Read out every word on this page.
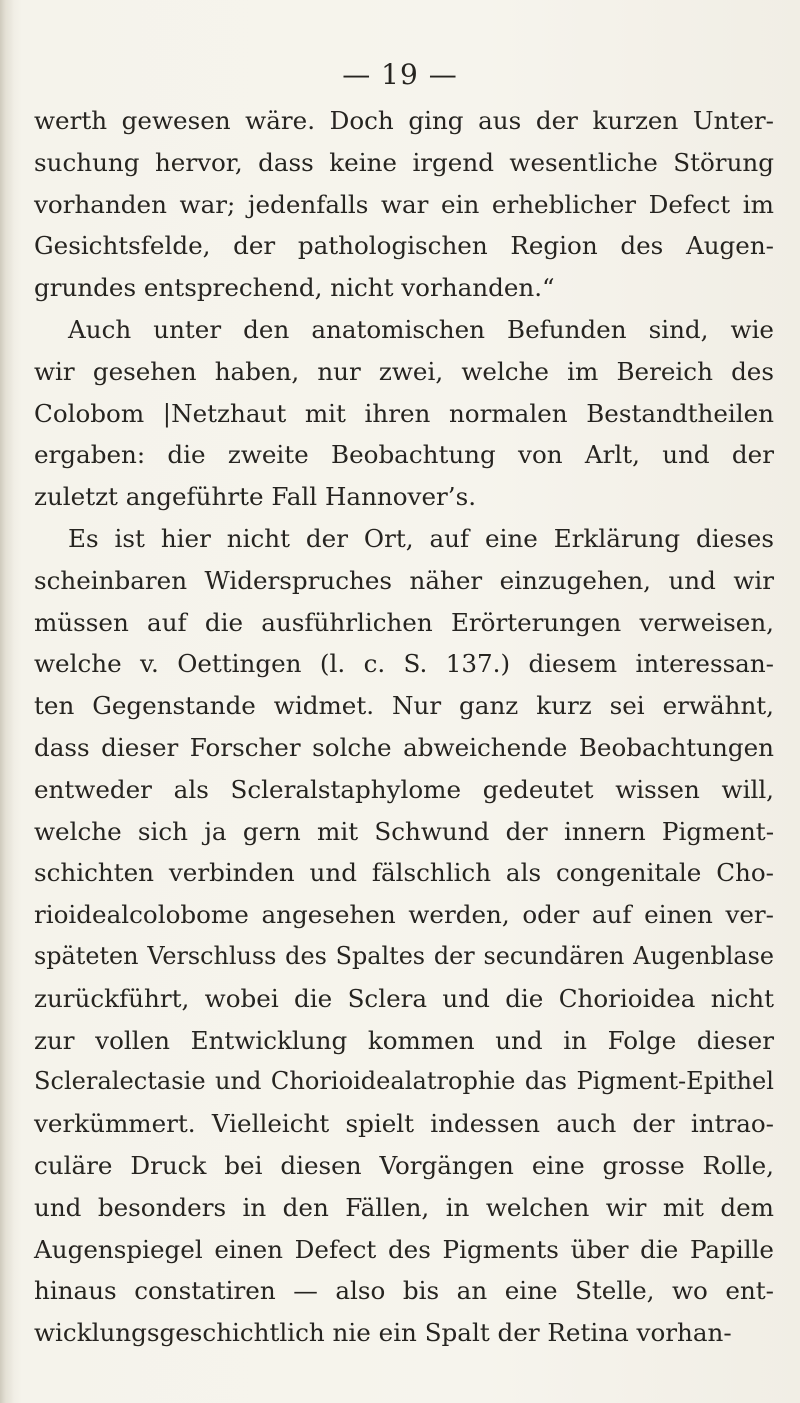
— 19 —
werth gewesen wäre. Doch ging aus der kurzen Unter-
suchung hervor, dass keine irgend wesentliche Störung
vorhanden war; jedenfalls war ein erheblicher Defect im
Gesichtsfelde, der pathologischen Region des Augen-
grundes entsprechend, nicht vorhanden.“
Auch unter den anatomischen Befunden sind, wie
wir gesehen haben, nur zwei, welche im Bereich des
Colobom |Netzhaut mit ihren normalen Bestandtheilen
ergaben: die zweite Beobachtung von Arlt, und der
zuletzt angeführte Fall Hannover’s.
Es ist hier nicht der Ort, auf eine Erklärung dieses
scheinbaren Widerspruches näher einzugehen, und wir
müssen auf die ausführlichen Erörterungen verweisen,
welche v. Oettingen (l. c. S. 137.) diesem interessan-
ten Gegenstande widmet. Nur ganz kurz sei erwähnt,
dass dieser Forscher solche abweichende Beobachtungen
entweder als Scleralstaphylome gedeutet wissen will,
welche sich ja gern mit Schwund der innern Pigment-
schichten verbinden und fälschlich als congenitale Cho-
rioidealcolobome angesehen werden, oder auf einen ver-
späteten Verschluss des Spaltes der secundären Augenblase
zurückführt, wobei die Sclera und die Chorioidea nicht
zur vollen Entwicklung kommen und in Folge dieser
Scleralectasie und Chorioidealatrophie das Pigment-Epithel
verkümmert. Vielleicht spielt indessen auch der intrao-
culäre Druck bei diesen Vorgängen eine grosse Rolle,
und besonders in den Fällen, in welchen wir mit dem
Augenspiegel einen Defect des Pigments über die Papille
hinaus constatiren — also bis an eine Stelle, wo ent-
wicklungsgeschichtlich nie ein Spalt der Retina vorhan-
